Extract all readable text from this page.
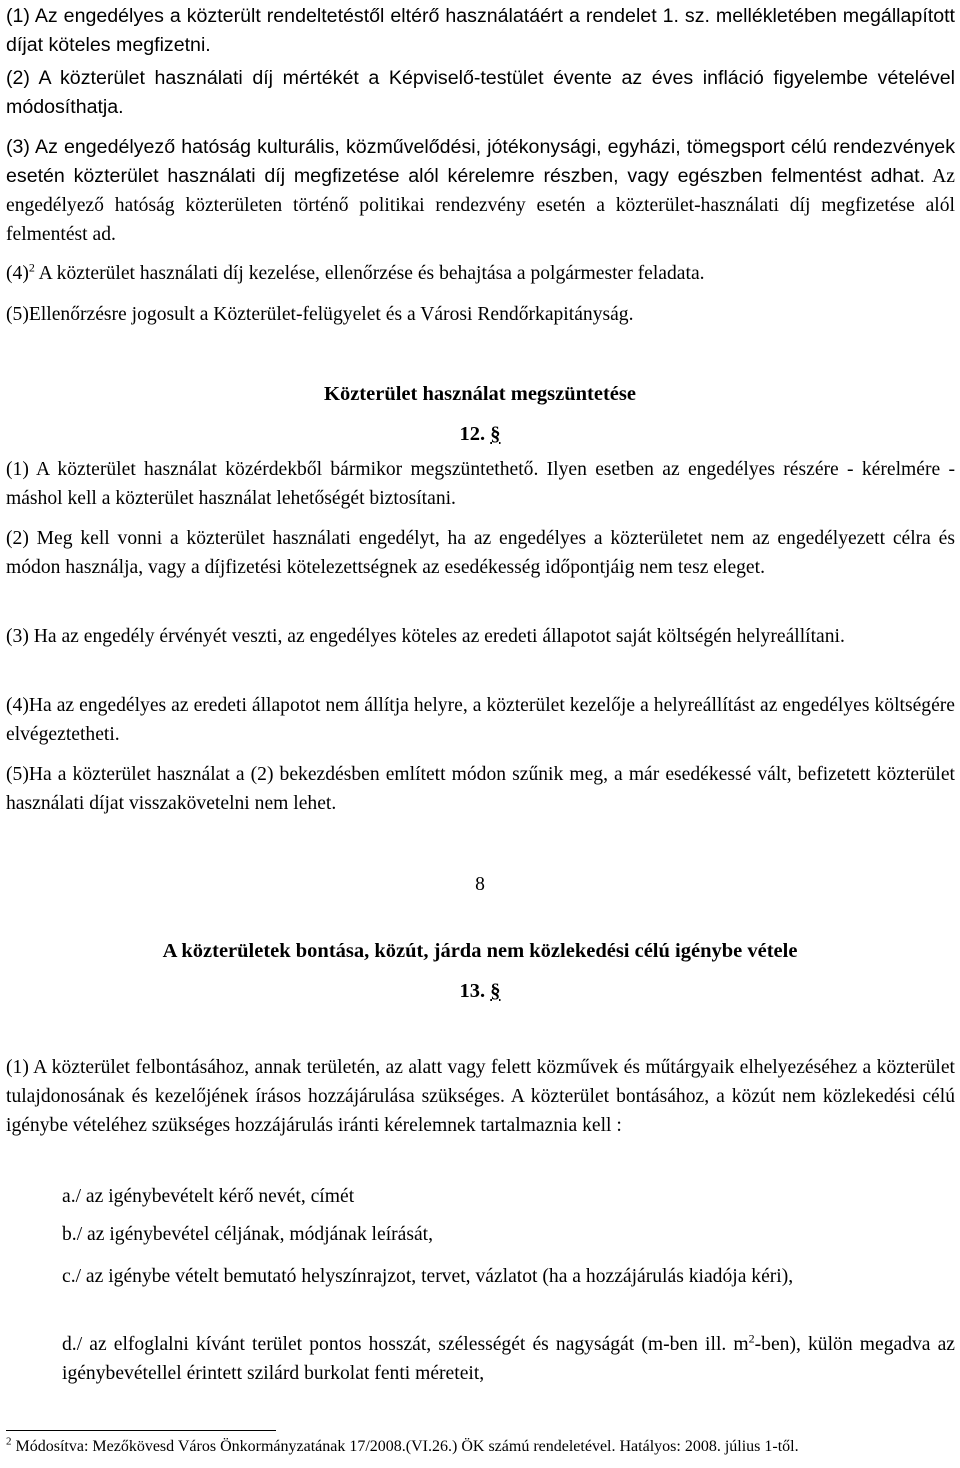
(1) Az engedélyes a közterült rendeltetéstől eltérő használatáért a rendelet 1. sz. mellékletében megállapított díjat köteles megfizetni.

(2) A közterület használati díj mértékét a Képviselő-testület évente az éves infláció figyelembe vételével módosíthatja.

(3) Az engedélyező hatóság kulturális, közművelődési, jótékonysági, egyházi, tömegsport célú rendezvények esetén közterület használati díj megfizetése alól kérelemre részben, vagy egészben felmentést adhat. Az engedélyező hatóság közterületen történő politikai rendezvény esetén a közterület-használati díj megfizetése alól felmentést ad.

$(4)^2$ A közterület használati díj kezelése, ellenőrzése és behajtása a polgármester feladata.

(5)Ellenőrzésre jogosult a Közterület-felügyelet és a Városi Rendőrkapitányság.

Közterület használat megszüntetése

12. §

(1) A közterület használat közérdekből bármikor megszüntethető. Ilyen esetben az engedélyes részére - kérelmére - máshol kell a közterület használat lehetőségét biztosítani.

(2) Meg kell vonni a közterület használati engedélyt, ha az engedélyes a közterületet nem az engedélyezett célra és módon használja, vagy a díjfizetési kötelezettségnek az esedékesség időpontjáig nem tesz eleget.

(3) Ha az engedély érvényét veszti, az engedélyes köteles az eredeti állapotot saját költségén helyreállítani.

(4)Ha az engedélyes az eredeti állapotot nem állítja helyre, a közterület kezelője a helyreállítást az engedélyes költségére elvégeztetheti.

(5)Ha a közterület használat a (2) bekezdésben említett módon szűnik meg, a már esedékessé vált, befizetett közterület használati díjat visszakövetelni nem lehet.

8

A közterületek bontása, közút, járda nem közlekedési célú igénybe vétele

13. §

(1) A közterület felbontásához, annak területén, az alatt vagy felett közművek és műtárgyaik elhelyezéséhez a közterület tulajdonosának és kezelőjének írásos hozzájárulása szükséges. A közterület bontásához, a közút nem közlekedési célú igénybe vételéhez szükséges hozzájárulás iránti kérelemnek tartalmaznia kell :

a./ az igénybevételt kérő nevét, címét

b./ az igénybevétel céljának, módjának leírását,

c./ az igénybe vételt bemutató helyszínrajzot, tervet, vázlatot (ha a hozzájárulás kiadója kéri),

d./ az elfoglalni kívánt terület pontos hosszát, szélességét és nagyságát (m-ben ill. $m^2-ben$), külön megadva az igénybevétellel érintett szilárd burkolat fenti méreteit,

$^2$ Módosítva: Mezőkövesd Város Önkormányzatának 17/2008.(VI.26.) ÖK számú rendeletével. Hatályos: 2008. július 1-től.
